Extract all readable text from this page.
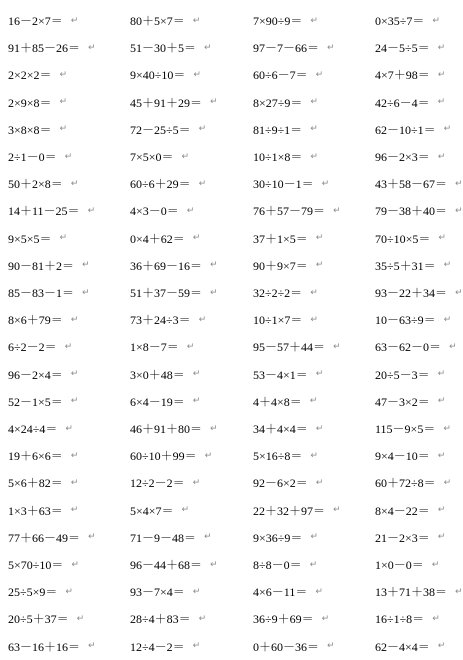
16－2×7＝ ↵	80＋5×7＝ ↵	7×90÷9＝ ↵	0×35÷7＝ ↵
91＋85－26＝ ↵	51－30＋5＝ ↵	97－7－66＝ ↵	24－5÷5＝ ↵
2×2×2＝ ↵	9×40÷10＝ ↵	60÷6－7＝ ↵	4×7＋98＝ ↵
2×9×8＝ ↵	45＋91＋29＝ ↵	8×27÷9＝ ↵	42÷6－4＝ ↵
3×8×8＝ ↵	72－25÷5＝ ↵	81÷9÷1＝ ↵	62－10÷1＝ ↵
2÷1－0＝ ↵	7×5×0＝ ↵	10÷1×8＝ ↵	96－2×3＝ ↵
50＋2×8＝ ↵	60÷6＋29＝ ↵	30÷10－1＝ ↵	43＋58－67＝ ↵
14＋11－25＝ ↵	4×3－0＝ ↵	76＋57－79＝ ↵	79－38＋40＝ ↵
9×5×5＝ ↵	0×4＋62＝ ↵	37＋1×5＝ ↵	70÷10×5＝ ↵
90－81＋2＝ ↵	36＋69－16＝ ↵	90＋9×7＝ ↵	35÷5＋31＝ ↵
85－83－1＝ ↵	51＋37－59＝ ↵	32÷2÷2＝ ↵	93－22＋34＝ ↵
8×6＋79＝ ↵	73＋24÷3＝ ↵	10÷1×7＝ ↵	10－63÷9＝ ↵
6÷2－2＝ ↵	1×8－7＝ ↵	95－57＋44＝ ↵	63－62－0＝ ↵
96－2×4＝ ↵	3×0＋48＝ ↵	53－4×1＝ ↵	20÷5－3＝ ↵
52－1×5＝ ↵	6×4－19＝ ↵	4＋4×8＝ ↵	47－3×2＝ ↵
4×24÷4＝ ↵	46＋91＋80＝ ↵	34＋4×4＝ ↵	115－9×5＝ ↵
19＋6×6＝ ↵	60÷10＋99＝ ↵	5×16÷8＝ ↵	9×4－10＝ ↵
5×6＋82＝ ↵	12÷2－2＝ ↵	92－6×2＝ ↵	60＋72÷8＝ ↵
1×3＋63＝ ↵	5×4×7＝ ↵	22＋32＋97＝ ↵	8×4－22＝ ↵
77＋66－49＝ ↵	71－9－48＝ ↵	9×36÷9＝ ↵	21－2×3＝ ↵
5×70÷10＝ ↵	96－44＋68＝ ↵	8÷8－0＝ ↵	1×0－0＝ ↵
25÷5×9＝ ↵	93－7×4＝ ↵	4×6－11＝ ↵	13＋71＋38＝ ↵
20÷5＋37＝ ↵	28÷4＋83＝ ↵	36÷9＋69＝ ↵	16÷1÷8＝ ↵
63－16＋16＝ ↵	12÷4－2＝ ↵	0＋60－36＝ ↵	62－4×4＝ ↵
